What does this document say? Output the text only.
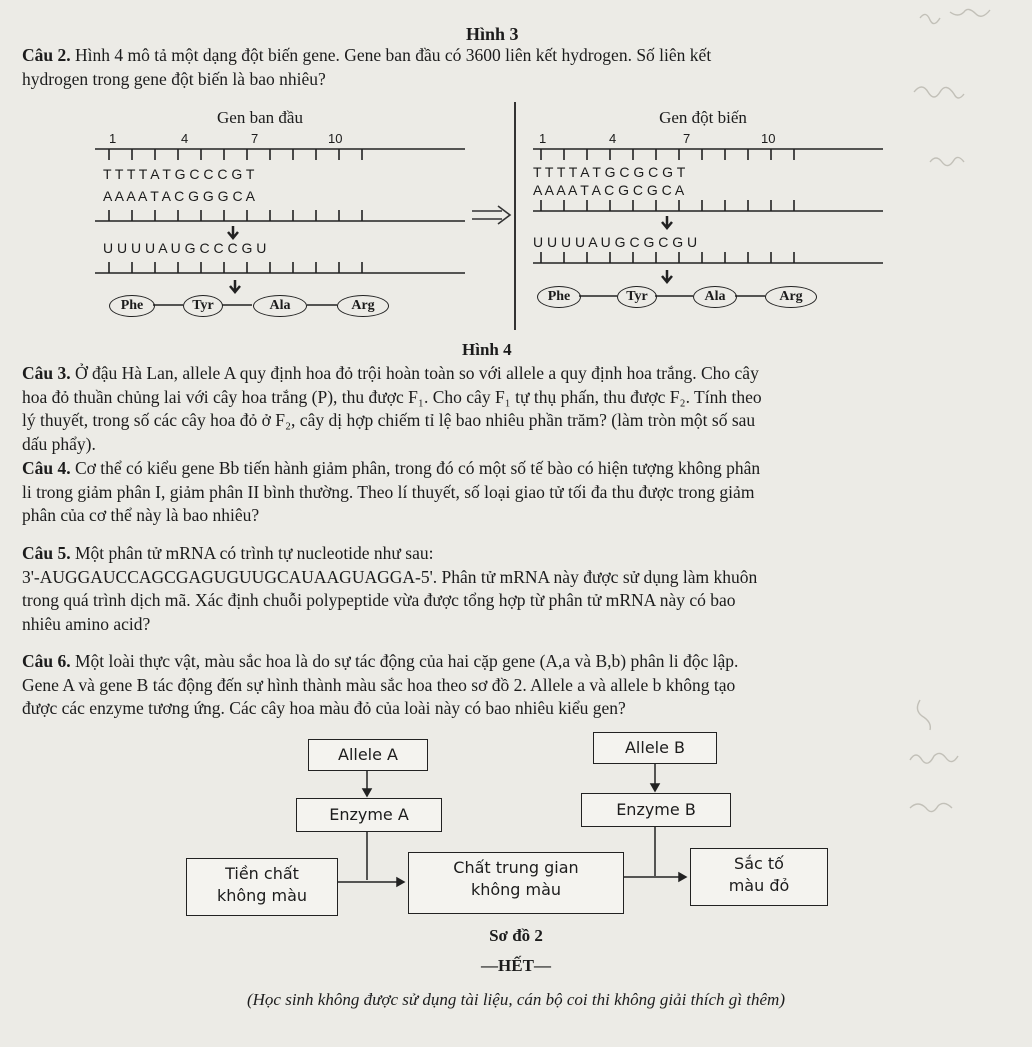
Hình 3

Câu 2. Hình 4 mô tả một dạng đột biến gene. Gene ban đầu có 3600 liên kết hydrogen. Số liên kết
hydrogen trong gene đột biến là bao nhiêu?

Gen ban đầu
1	4	7	10
T T T T A T G C C C G T
A A A A T A C G G G C A
U U U U A U G C C C G U
Phe	Tyr	Ala	Arg
Gen đột biến
1	4	7	10
T T T T A T G C G C G T
A A A A T A C G C G C A
U U U U A U G C G C G U
Phe	Tyr	Ala	Arg
Hình 4

Câu 3. Ở đậu Hà Lan, allele A quy định hoa đỏ trội hoàn toàn so với allele a quy định hoa trắng. Cho cây
hoa đỏ thuần chủng lai với cây hoa trắng (P), thu được F₁. Cho cây F₁ tự thụ phấn, thu được F₂. Tính theo
lý thuyết, trong số các cây hoa đỏ ở F₂, cây dị hợp chiếm tỉ lệ bao nhiêu phần trăm? (làm tròn một số sau
dấu phẩy).

Câu 4. Cơ thể có kiểu gene Bb tiến hành giảm phân, trong đó có một số tế bào có hiện tượng không phân
li trong giảm phân I, giảm phân II bình thường. Theo lí thuyết, số loại giao tử tối đa thu được trong giảm
phân của cơ thể này là bao nhiêu?

Câu 5. Một phân tử mRNA có trình tự nucleotide như sau:
3'-AUGGAUCCAGCGAGUGUUGCAUAAGUAGGA-5'. Phân tử mRNA này được sử dụng làm khuôn
trong quá trình dịch mã. Xác định chuỗi polypeptide vừa được tổng hợp từ phân tử mRNA này có bao
nhiêu amino acid?

Câu 6. Một loài thực vật, màu sắc hoa là do sự tác động của hai cặp gene (A,a và B,b) phân li độc lập.
Gene A và gene B tác động đến sự hình thành màu sắc hoa theo sơ đồ 2. Allele a và allele b không tạo
được các enzyme tương ứng. Các cây hoa màu đỏ của loài này có bao nhiêu kiểu gen?

Allele A	Allele B
Enzyme A	Enzyme B
Tiền chất
không màu
Chất trung gian
không màu
Sắc tố
màu đỏ
Sơ đồ 2
—HẾT—
(Học sinh không được sử dụng tài liệu, cán bộ coi thi không giải thích gì thêm)
